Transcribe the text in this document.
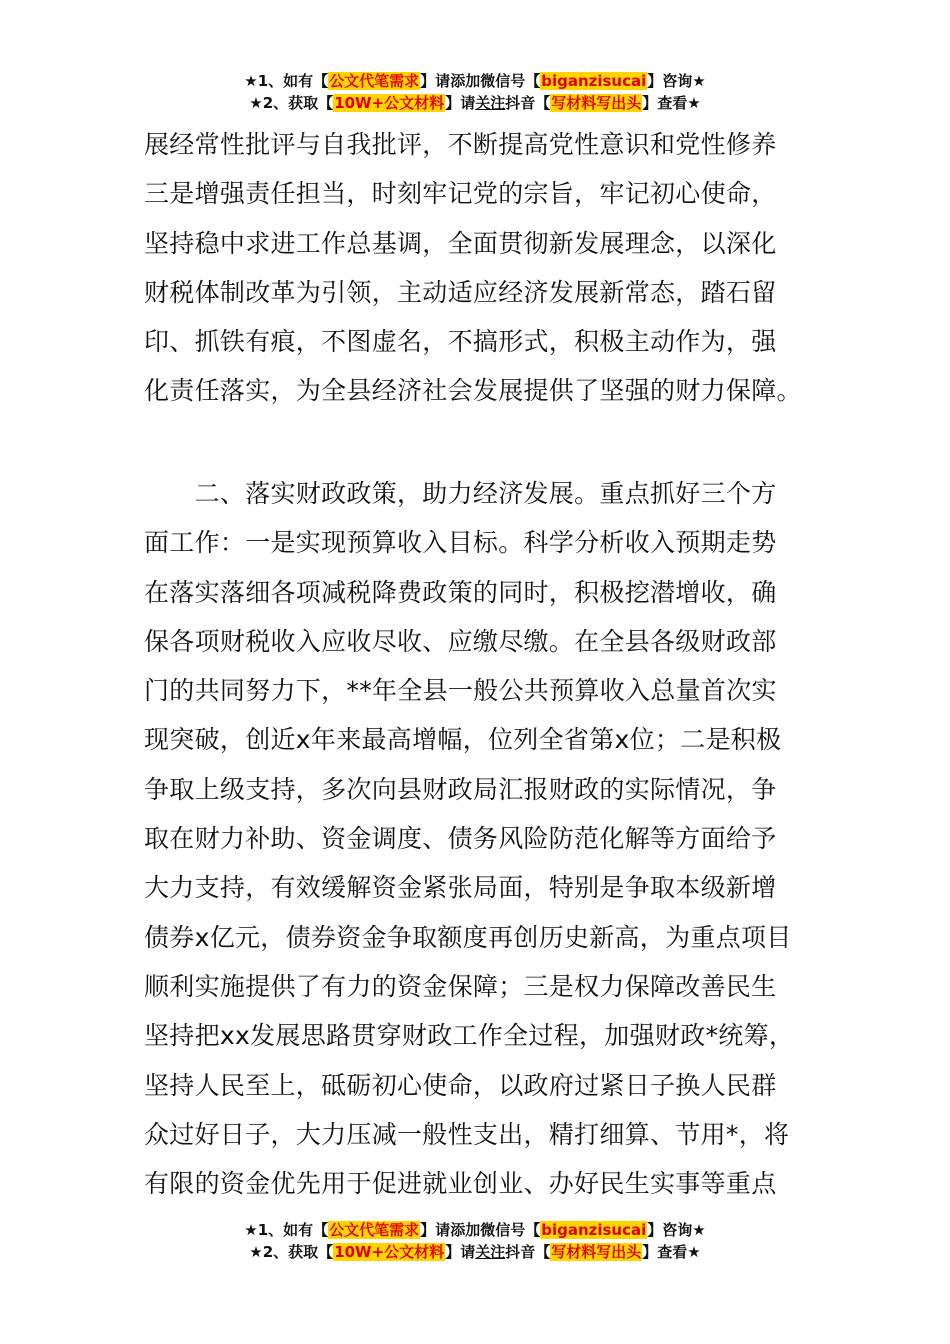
★1、如有【公文代笔需求】请添加微信号【biganzisucai】咨询★
★2、获取【10W+公文材料】请关注抖音【写材料写出头】查看★
展经常性批评与自我批评，不断提高党性意识和党性修养
三是增强责任担当，时刻牢记党的宗旨，牢记初心使命，
坚持稳中求进工作总基调，全面贯彻新发展理念，以深化
财税体制改革为引领，主动适应经济发展新常态，踏石留
印、抓铁有痕，不图虚名，不搞形式，积极主动作为，强
化责任落实，为全县经济社会发展提供了坚强的财力保障。
　　二、落实财政政策，助力经济发展。重点抓好三个方
面工作：一是实现预算收入目标。科学分析收入预期走势
在落实落细各项减税降费政策的同时，积极挖潜增收，确
保各项财税收入应收尽收、应缴尽缴。在全县各级财政部
门的共同努力下，**年全县一般公共预算收入总量首次实
现突破，创近x年来最高增幅，位列全省第x位；二是积极
争取上级支持，多次向县财政局汇报财政的实际情况，争
取在财力补助、资金调度、债务风险防范化解等方面给予
大力支持，有效缓解资金紧张局面，特别是争取本级新增
债券x亿元，债券资金争取额度再创历史新高，为重点项目
顺利实施提供了有力的资金保障；三是权力保障改善民生
坚持把xx发展思路贯穿财政工作全过程，加强财政*统筹，
坚持人民至上，砥砺初心使命，以政府过紧日子换人民群
众过好日子，大力压减一般性支出，精打细算、节用*，将
有限的资金优先用于促进就业创业、办好民生实事等重点
★1、如有【公文代笔需求】请添加微信号【biganzisucai】咨询★
★2、获取【10W+公文材料】请关注抖音【写材料写出头】查看★
